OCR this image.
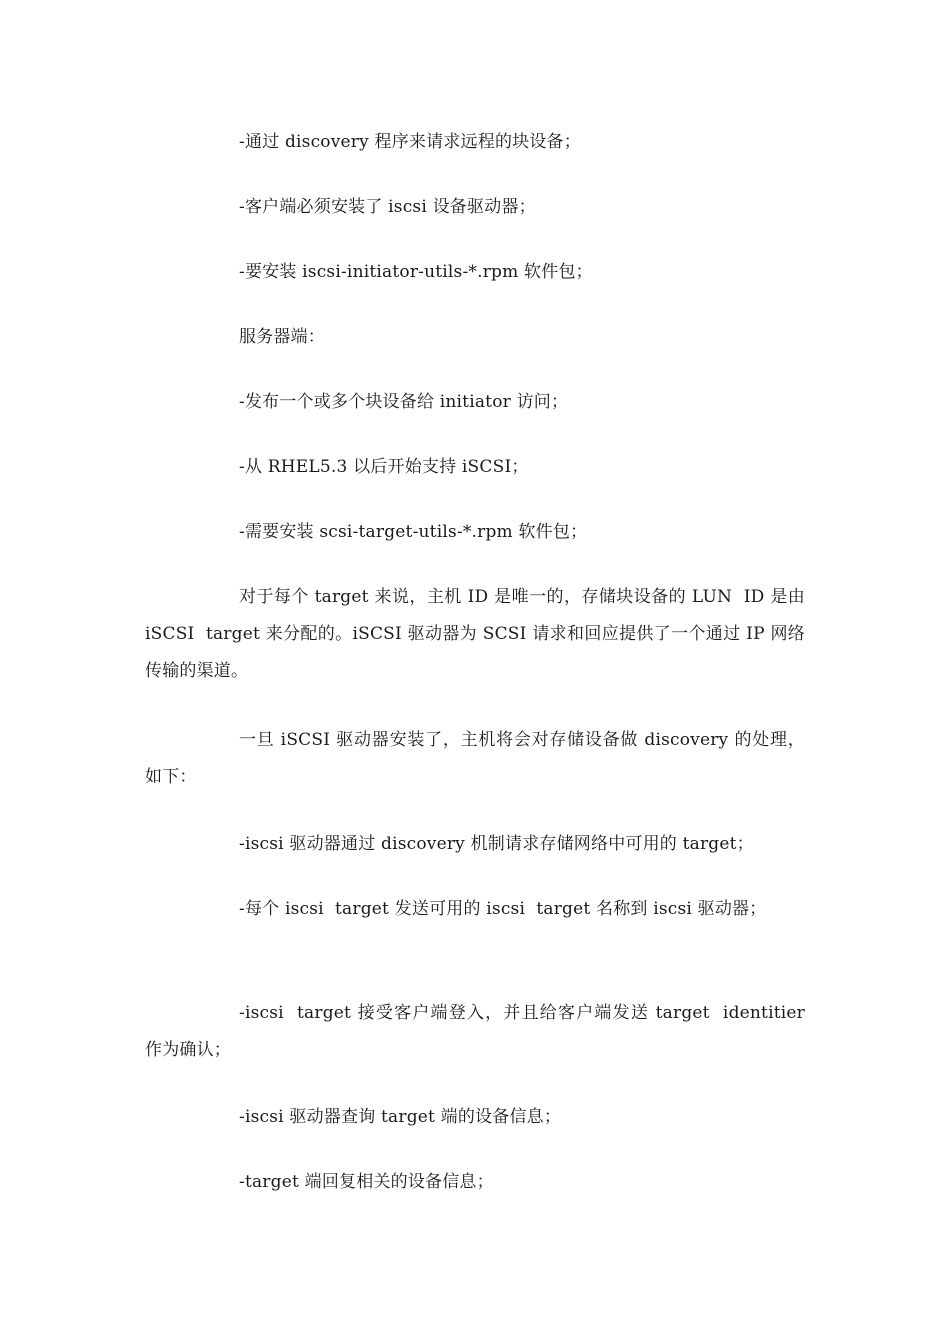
-通过 discovery 程序来请求远程的块设备；

-客户端必须安装了 iscsi 设备驱动器；

-要安装 iscsi-initiator-utils-*.rpm 软件包；

服务器端：

-发布一个或多个块设备给 initiator 访问；

-从 RHEL5.3 以后开始支持 iSCSI；

-需要安装 scsi-target-utils-*.rpm 软件包；

对于每个 target 来说，主机 ID 是唯一的，存储块设备的 LUN  ID 是由 iSCSI  target 来分配的。iSCSI 驱动器为 SCSI 请求和回应提供了一个通过 IP 网络传输的渠道。

一旦 iSCSI 驱动器安装了，主机将会对存储设备做 discovery 的处理，如下：

-iscsi 驱动器通过 discovery 机制请求存储网络中可用的 target；

-每个 iscsi  target 发送可用的 iscsi  target 名称到 iscsi 驱动器；

-iscsi  target 接受客户端登入，并且给客户端发送 target  identitier 作为确认；

-iscsi 驱动器查询 target 端的设备信息；

-target 端回复相关的设备信息；
